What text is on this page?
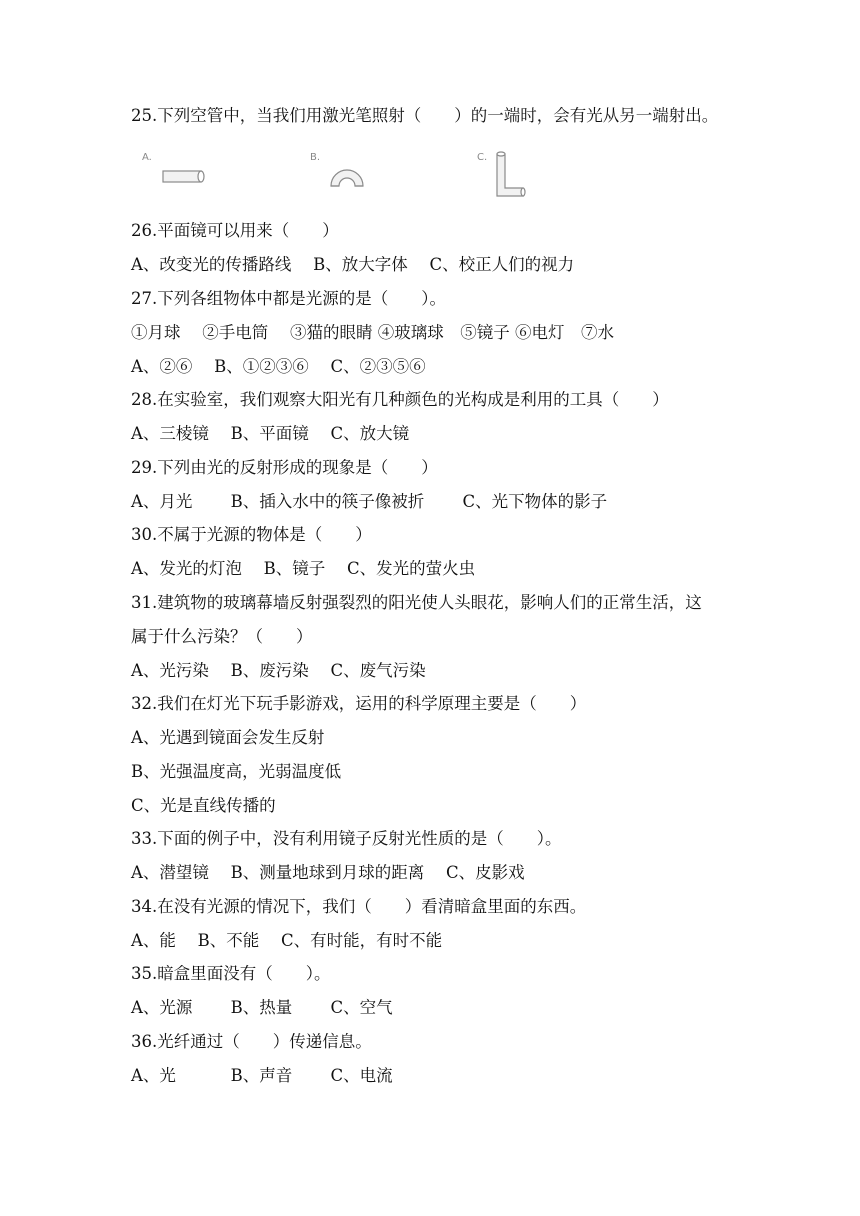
25.下列空管中，当我们用激光笔照射（　　）的一端时，会有光从另一端射出。
A.	B.	C.
26.平面镜可以用来（　　）
A、改变光的传播路线　 B、放大字体　 C、校正人们的视力
27.下列各组物体中都是光源的是（　　）。
①月球　 ②手电筒　 ③猫的眼睛 ④玻璃球　⑤镜子 ⑥电灯　⑦水
A、②⑥　 B、①②③⑥　 C、②③⑤⑥
28.在实验室，我们观察大阳光有几种颜色的光构成是利用的工具（　　）
A、三棱镜　 B、平面镜　 C、放大镜
29.下列由光的反射形成的现象是（　　）
A、月光　　 B、插入水中的筷子像被折　　 C、光下物体的影子
30.不属于光源的物体是（　　）
A、发光的灯泡　 B、镜子　 C、发光的萤火虫
31.建筑物的玻璃幕墙反射强裂烈的阳光使人头眼花，影响人们的正常生活，这
属于什么污染？（　　）
A、光污染　 B、废污染　 C、废气污染
32.我们在灯光下玩手影游戏，运用的科学原理主要是（　　）
A、光遇到镜面会发生反射
B、光强温度高，光弱温度低
C、光是直线传播的
33.下面的例子中，没有利用镜子反射光性质的是（　　）。
A、潜望镜　 B、测量地球到月球的距离　 C、皮影戏
34.在没有光源的情况下，我们（　　）看清暗盒里面的东西。
A、能　 B、不能　 C、有时能，有时不能
35.暗盒里面没有（　　）。
A、光源　　 B、热量　　 C、空气
36.光纤通过（　　）传递信息。
A、光　　　 B、声音　　 C、电流
